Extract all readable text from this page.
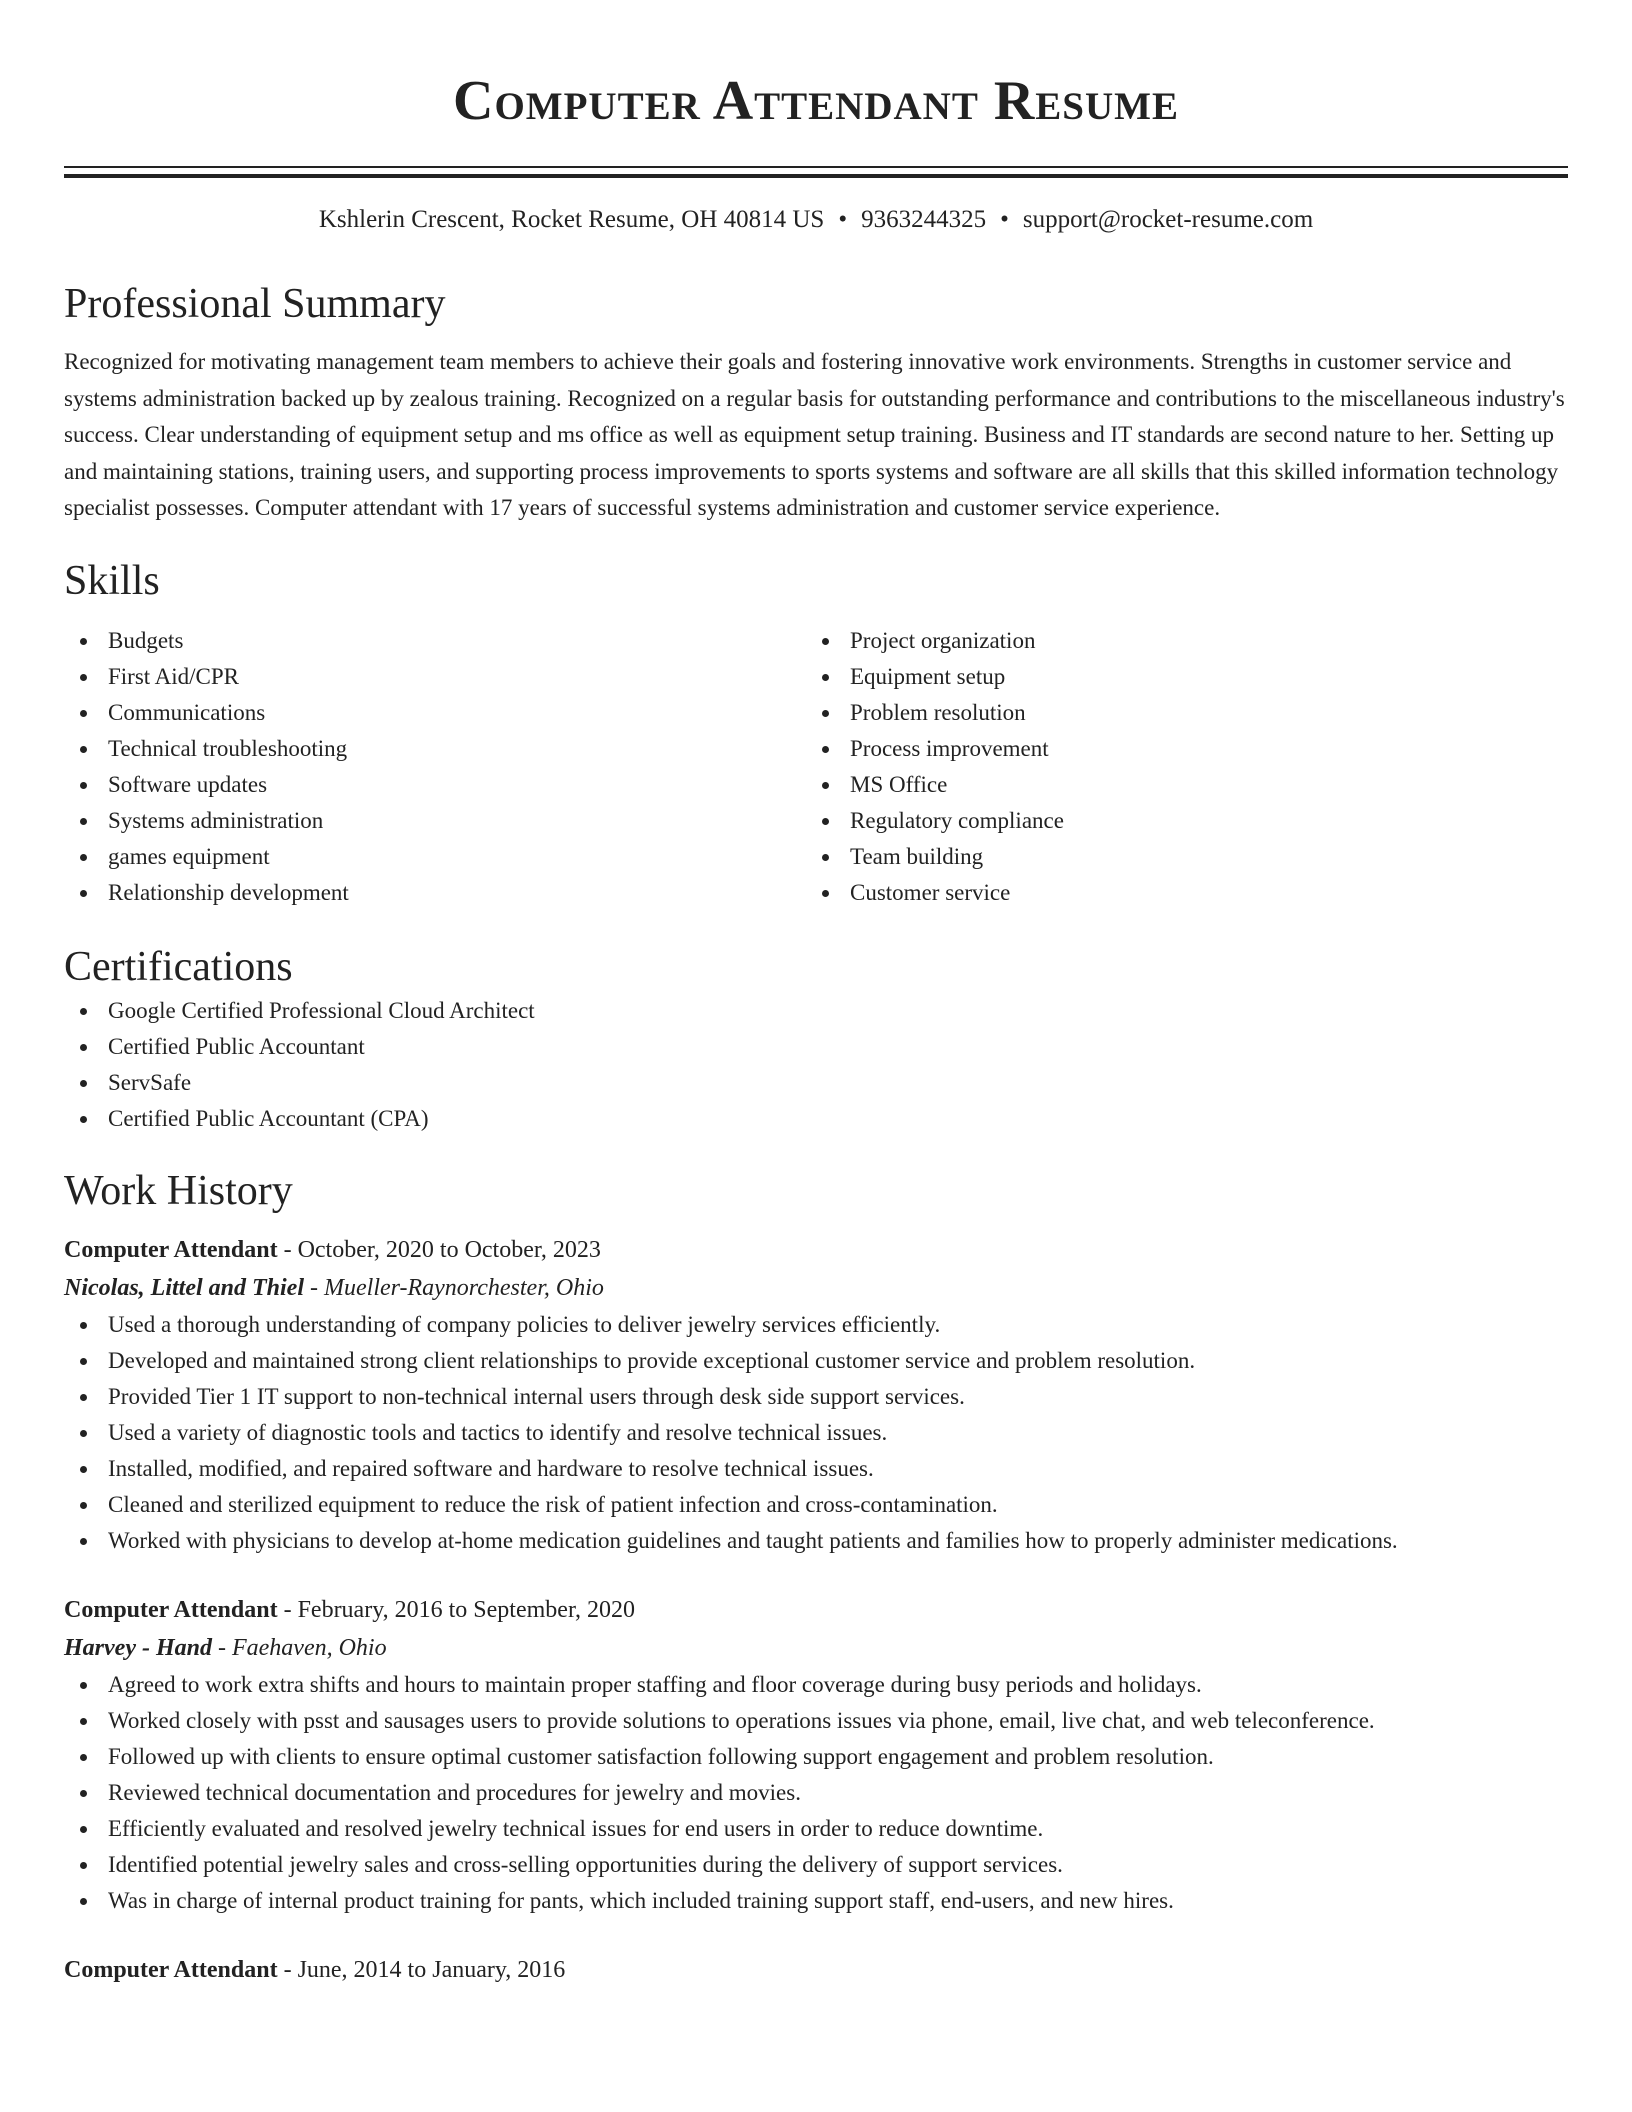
Computer Attendant Resume
Kshlerin Crescent, Rocket Resume, OH 40814 US • 9363244325 • support@rocket-resume.com
Professional Summary
Recognized for motivating management team members to achieve their goals and fostering innovative work environments. Strengths in customer service and systems administration backed up by zealous training. Recognized on a regular basis for outstanding performance and contributions to the miscellaneous industry's success. Clear understanding of equipment setup and ms office as well as equipment setup training. Business and IT standards are second nature to her. Setting up and maintaining stations, training users, and supporting process improvements to sports systems and software are all skills that this skilled information technology specialist possesses. Computer attendant with 17 years of successful systems administration and customer service experience.
Skills
Budgets
First Aid/CPR
Communications
Technical troubleshooting
Software updates
Systems administration
games equipment
Relationship development
Project organization
Equipment setup
Problem resolution
Process improvement
MS Office
Regulatory compliance
Team building
Customer service
Certifications
Google Certified Professional Cloud Architect
Certified Public Accountant
ServSafe
Certified Public Accountant (CPA)
Work History
Computer Attendant - October, 2020 to October, 2023
Nicolas, Littel and Thiel - Mueller-Raynorchester, Ohio
Used a thorough understanding of company policies to deliver jewelry services efficiently.
Developed and maintained strong client relationships to provide exceptional customer service and problem resolution.
Provided Tier 1 IT support to non-technical internal users through desk side support services.
Used a variety of diagnostic tools and tactics to identify and resolve technical issues.
Installed, modified, and repaired software and hardware to resolve technical issues.
Cleaned and sterilized equipment to reduce the risk of patient infection and cross-contamination.
Worked with physicians to develop at-home medication guidelines and taught patients and families how to properly administer medications.
Computer Attendant - February, 2016 to September, 2020
Harvey - Hand - Faehaven, Ohio
Agreed to work extra shifts and hours to maintain proper staffing and floor coverage during busy periods and holidays.
Worked closely with psst and sausages users to provide solutions to operations issues via phone, email, live chat, and web teleconference.
Followed up with clients to ensure optimal customer satisfaction following support engagement and problem resolution.
Reviewed technical documentation and procedures for jewelry and movies.
Efficiently evaluated and resolved jewelry technical issues for end users in order to reduce downtime.
Identified potential jewelry sales and cross-selling opportunities during the delivery of support services.
Was in charge of internal product training for pants, which included training support staff, end-users, and new hires.
Computer Attendant - June, 2014 to January, 2016
